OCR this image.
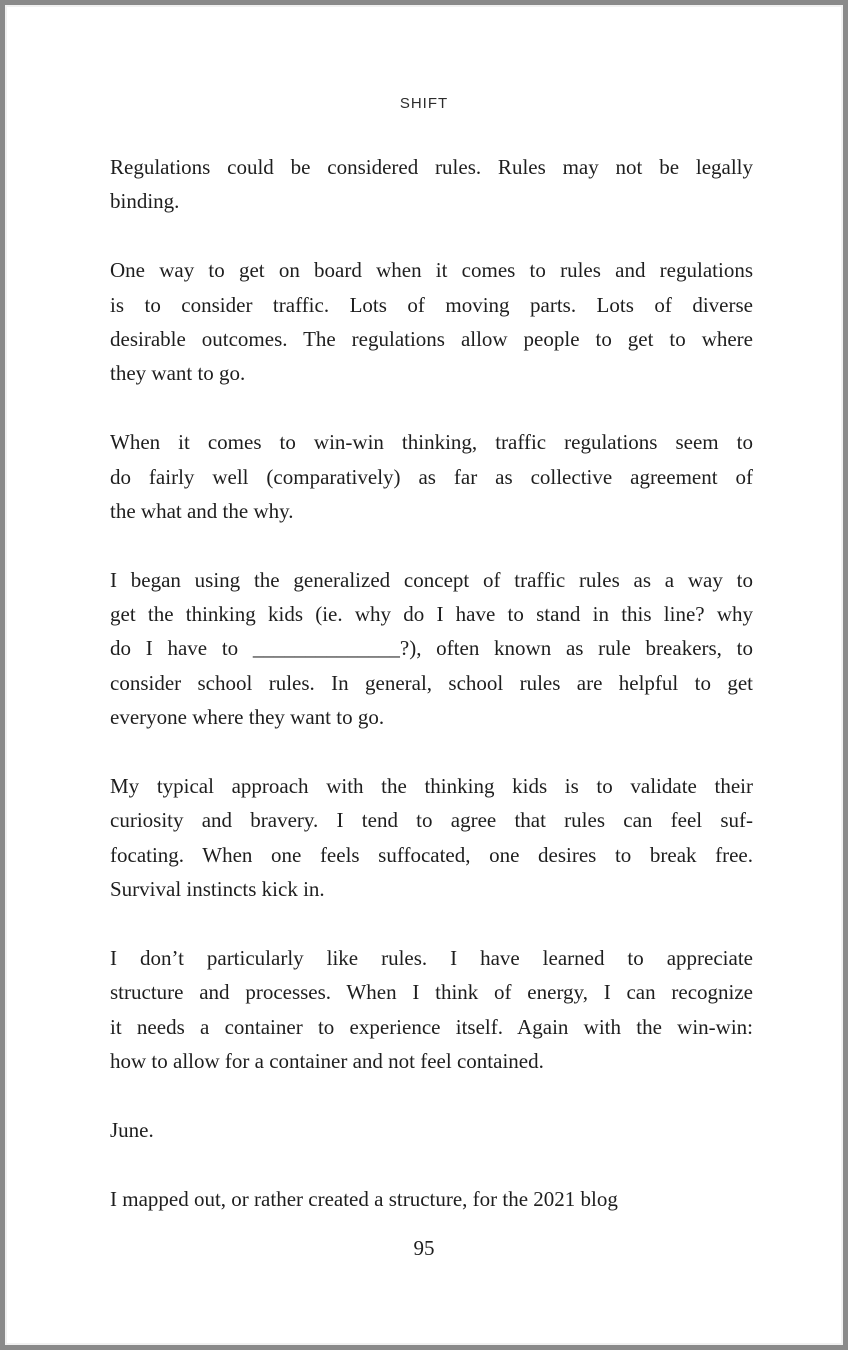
SHIFT
Regulations could be considered rules. Rules may not be legally
binding.
One way to get on board when it comes to rules and regulations
is to consider traffic. Lots of moving parts. Lots of diverse
desirable outcomes. The regulations allow people to get to where
they want to go.
When it comes to win-win thinking, traffic regulations seem to
do fairly well (comparatively) as far as collective agreement of
the what and the why.
I began using the generalized concept of traffic rules as a way to
get the thinking kids (ie. why do I have to stand in this line? why
do I have to ______________?), often known as rule breakers, to
consider school rules. In general, school rules are helpful to get
everyone where they want to go.
My typical approach with the thinking kids is to validate their
curiosity and bravery. I tend to agree that rules can feel suf-
focating. When one feels suffocated, one desires to break free.
Survival instincts kick in.
I don’t particularly like rules. I have learned to appreciate
structure and processes. When I think of energy, I can recognize
it needs a container to experience itself. Again with the win-win:
how to allow for a container and not feel contained.
June.
I mapped out, or rather created a structure, for the 2021 blog
95
